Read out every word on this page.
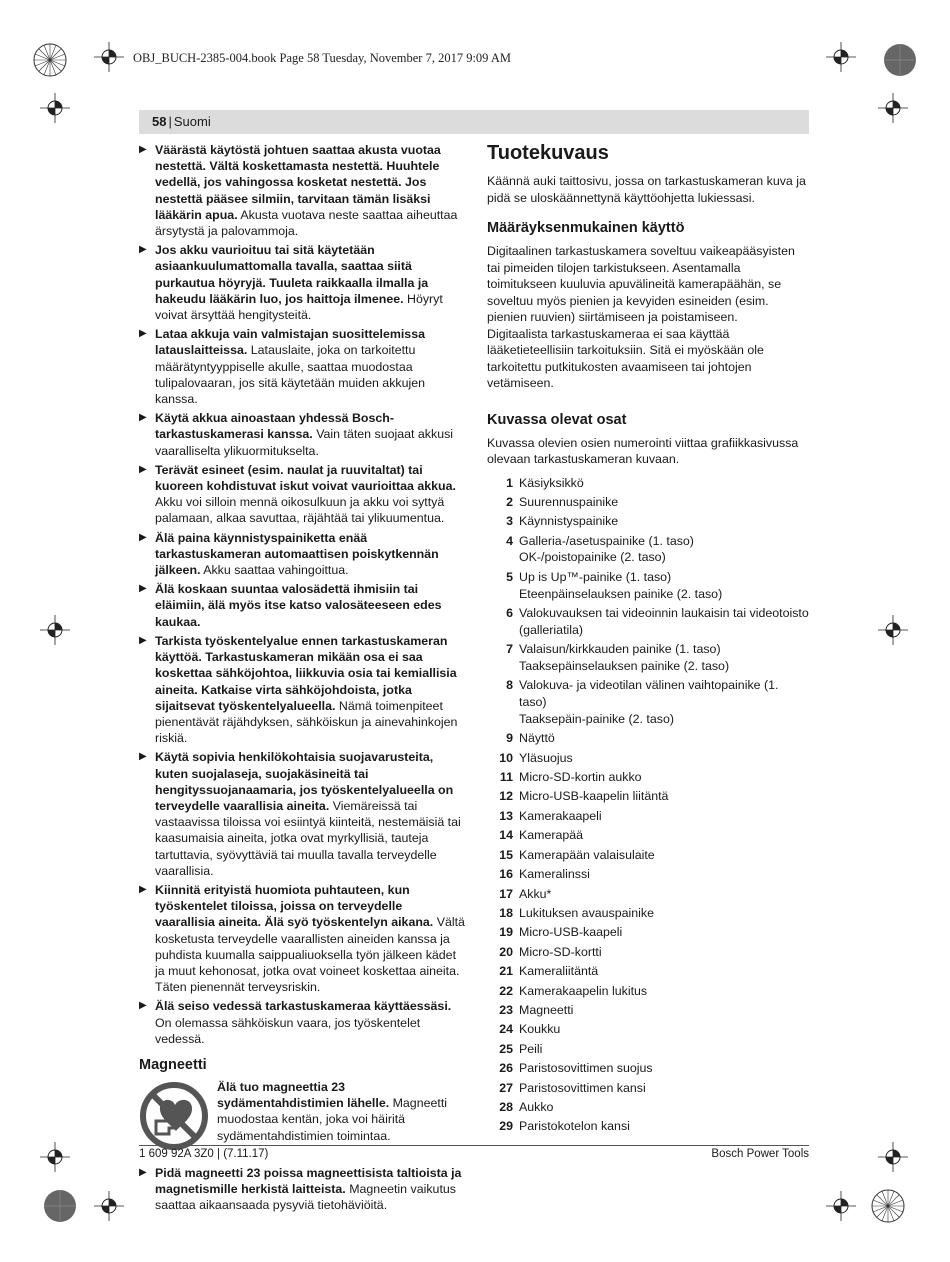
OBJ_BUCH-2385-004.book Page 58 Tuesday, November 7, 2017 9:09 AM
58 | Suomi
▶ Väärästä käytöstä johtuen saattaa akusta vuotaa nestettä. Vältä koskettamasta nestettä. Huuhtele vedellä, jos vahingossa kosketat nestettä. Jos nestettä pääsee silmiin, tarvitaan tämän lisäksi lääkärin apua. Akusta vuotava neste saattaa aiheuttaa ärsytystä ja palovammoja.
▶ Jos akku vaurioituu tai sitä käytetään asiaankuulumattomalla tavalla, saattaa siitä purkautua höyryjä. Tuuleta raikkaalla ilmalla ja hakeudu lääkärin luo, jos haittoja ilmenee. Höyryt voivat ärsyttää hengitysteitä.
▶ Lataa akkuja vain valmistajan suosittelemissa latauslaitteissa. Latauslaite, joka on tarkoitettu määrätyntyyppiselle akulle, saattaa muodostaa tulipalovaaran, jos sitä käytetään muiden akkujen kanssa.
▶ Käytä akkua ainoastaan yhdessä Bosch-tarkastuskamerasi kanssa. Vain täten suojaat akkusi vaaralliselta ylikuormitukselta.
▶ Terävät esineet (esim. naulat ja ruuvitaltat) tai kuoreen kohdistuvat iskut voivat vaurioittaa akkua. Akku voi silloin mennä oikosulkuun ja akku voi syttyä palamaan, alkaa savuttaa, räjähtää tai ylikuumentua.
▶ Älä paina käynnistyspainiketta enää tarkastuskameran automaattisen poiskytkennän jälkeen. Akku saattaa vahingoittua.
▶ Älä koskaan suuntaa valosädettä ihmisiin tai eläimiin, älä myös itse katso valosäteeseen edes kaukaa.
▶ Tarkista työskentelyalue ennen tarkastuskameran käyttöä. Tarkastuskameran mikään osa ei saa koskettaa sähköjohtoa, liikkuvia osia tai kemiallisia aineita. Katkaise virta sähköjohdoista, jotka sijaitsevat työskentelyalueella. Nämä toimenpiteet pienentävät räjähdyksen, sähköiskun ja ainevahinkojen riskiä.
▶ Käytä sopivia henkilökohtaisia suojavarusteita, kuten suojalaseja, suojakäsineitä tai hengityssuojanaamaria, jos työskentelyalueella on terveydelle vaarallisia aineita. Viemäreissä tai vastaavissa tiloissa voi esiintyä kiinteitä, nestemäisiä tai kaasumaisia aineita, jotka ovat myrkyllisiä, tauteja tartuttavia, syövyttäviä tai muulla tavalla terveydelle vaarallisia.
▶ Kiinnitä erityistä huomiota puhtauteen, kun työskentelet tiloissa, joissa on terveydelle vaarallisia aineita. Älä syö työskentelyn aikana. Vältä kosketusta terveydelle vaarallisten aineiden kanssa ja puhdista kuumalla saippualiuoksella työn jälkeen kädet ja muut kehonosat, jotka ovat voineet koskettaa aineita. Täten pienennät terveysriskin.
▶ Älä seiso vedessä tarkastuskameraa käyttäessäsi. On olemassa sähköiskun vaara, jos työskentelet vedessä.
Magneetti
Älä tuo magneettia 23 sydämentahdistimien lähelle. Magneetti muodostaa kentän, joka voi häiritä sydämentahdistimien toimintaa.
▶ Pidä magneetti 23 poissa magneettisista taltioista ja magnetismille herkistä laitteista. Magneetin vaikutus saattaa aikaansaada pysyviä tietohäviöitä.
Tuotekuvaus

Käännä auki taittosivu, jossa on tarkastuskameran kuva ja pidä se uloskäännettynä käyttöohjetta lukiessasi.

Määräyksenmukainen käyttö

Digitaalinen tarkastuskamera soveltuu vaikeapääsyisten tai pimeiden tilojen tarkistukseen. Asentamalla toimitukseen kuuluvia apuvälineitä kamerapäähän, se soveltuu myös pienien ja kevyiden esineiden (esim. pienien ruuvien) siirtämiseen ja poistamiseen.

Digitaalista tarkastuskameraa ei saa käyttää lääketieteellisiin tarkoituksiin. Sitä ei myöskään ole tarkoitettu putkitukosten avaamiseen tai johtojen vetämiseen.

Kuvassa olevat osat

Kuvassa olevien osien numerointi viittaa grafiikkasivussa olevaan tarkastuskameran kuvaan.

1 Käsiyksikkö
2 Suurennuspainike
3 Käynnistyspainike
4 Galleria-/asetuspainike (1. taso)
OK-/poistopainike (2. taso)
5 Up is Up™-painike (1. taso)
Eteenpäinselauksen painike (2. taso)
6 Valokuvauksen tai videoinnin laukaisin tai videotoisto
(galleriatila)
7 Valaisun/kirkkauden painike (1. taso)
Taaksepäinselauksen painike (2. taso)
8 Valokuva- ja videotilan välinen vaihtopainike (1. taso)
Taaksepäin-painike (2. taso)
9 Näyttö
10 Yläsuojus
11 Micro-SD-kortin aukko
12 Micro-USB-kaapelin liitäntä
13 Kamerakaapeli
14 Kamerapää
15 Kamerapään valaisulaite
16 Kameralinssi
17 Akku*
18 Lukituksen avauspainike
19 Micro-USB-kaapeli
20 Micro-SD-kortti
21 Kameraliitäntä
22 Kamerakaapelin lukitus
23 Magneetti
24 Koukku
25 Peili
26 Paristosovittimen suojus
27 Paristosovittimen kansi
28 Aukko
29 Paristokotelon kansi
1 609 92A 3Z0 | (7.11.17)	Bosch Power Tools
